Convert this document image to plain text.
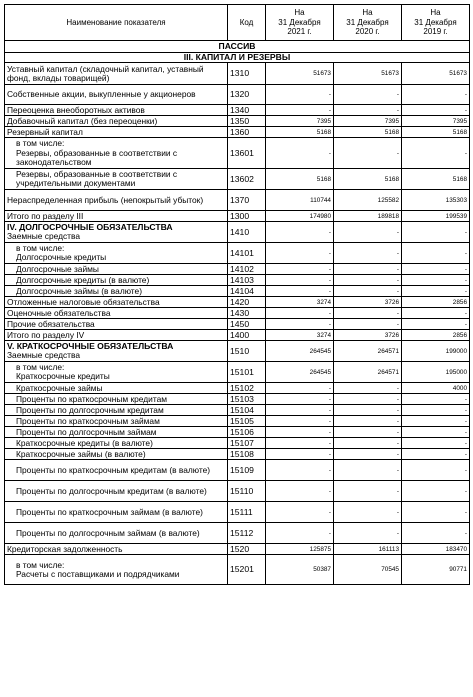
Наименование показателя	Код	На
31 Декабря
2021 г.	На
31 Декабря
2020 г.	На
31 Декабря
2019 г.
ПАССИВ				
III. КАПИТАЛ И РЕЗЕРВЫ				
Уставный капитал (складочный капитал, уставный фонд, вклады товарищей)	1310	51673	51673	51673
Собственные акции, выкупленные у акционеров	1320	-	-	-
Переоценка внеоборотных активов	1340	-	-	-
Добавочный капитал (без переоценки)	1350	7395	7395	7395
Резервный капитал	1360	5168	5168	5168
в том числе:
Резервы, образованные в соответствии с законодательством	13601	-	-	-
Резервы, образованные в соответствии с учредительными документами	13602	5168	5168	5168
Нераспределенная прибыль (непокрытый убыток)	1370	110744	125582	135303
Итого по разделу III	1300	174980	189818	199539

IV. ДОЛГОСРОЧНЫЕ ОБЯЗАТЕЛЬСТВА
Заемные средства	1410	-	-	-
в том числе:
Долгосрочные кредиты	14101	-	-	-
Долгосрочные займы	14102	-	-	-
Долгосрочные кредиты (в валюте)	14103	-	-	-
Долгосрочные займы (в валюте)	14104	-	-	-
Отложенные налоговые обязательства	1420	3274	3726	2856
Оценочные обязательства	1430	-	-	-
Прочие обязательства	1450	-	-	-
Итого по разделу IV	1400	3274	3726	2856

V. КРАТКОСРОЧНЫЕ ОБЯЗАТЕЛЬСТВА
Заемные средства	1510	264545	264571	199000
в том числе:
Краткосрочные кредиты	15101	264545	264571	195000
Краткосрочные займы	15102	-	-	4000
Проценты по краткосрочным кредитам	15103	-	-	-
Проценты по долгосрочным кредитам	15104	-	-	-
Проценты по краткосрочным займам	15105	-	-	-
Проценты по долгосрочным займам	15106	-	-	-
Краткосрочные кредиты (в валюте)	15107	-	-	-
Краткосрочные займы (в валюте)	15108	-	-	-
Проценты по краткосрочным кредитам (в валюте)	15109	-	-	-
Проценты по долгосрочным кредитам (в валюте)	15110	-	-	-
Проценты по краткосрочным займам (в валюте)	15111	-	-	-
Проценты по долгосрочным займам (в валюте)	15112	-	-	-
Кредиторская задолженность	1520	125875	161113	183470
в том числе:
Расчеты с поставщиками и подрядчиками	15201	50387	70545	90771
